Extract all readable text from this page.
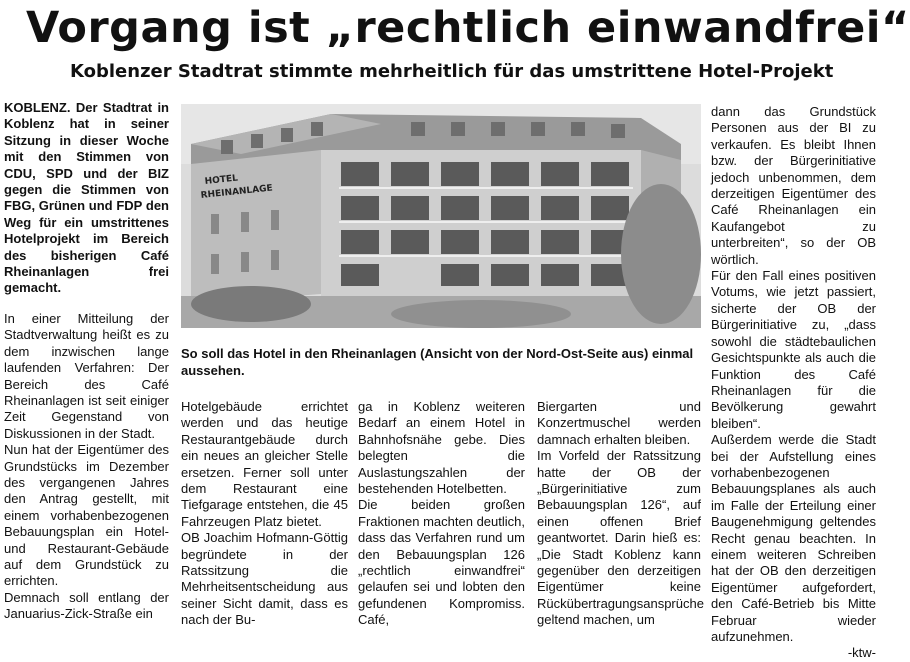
Vorgang ist „rechtlich einwandfrei“
Koblenzer Stadtrat stimmte mehrheitlich für das umstrittene Hotel-Projekt

KOBLENZ. Der Stadtrat in Koblenz hat in seiner Sitzung in dieser Woche mit den Stimmen von CDU, SPD und der BIZ gegen die Stimmen von FBG, Grünen und FDP den Weg für ein umstrittenes Hotelprojekt im Bereich des bisherigen Café Rheinanlagen frei gemacht.

In einer Mitteilung der Stadtverwaltung heißt es zu dem inzwischen lange laufenden Verfahren: Der Bereich des Café Rheinanlagen ist seit einiger Zeit Gegenstand von Diskussionen in der Stadt.

Nun hat der Eigentümer des Grundstücks im Dezember des vergangenen Jahres den Antrag gestellt, mit einem vorhabenbezogenen Bebauungsplan ein Hotel- und Restaurant-Gebäude auf dem Grundstück zu errichten.

Demnach soll entlang der Januarius-Zick-Straße ein

HOTEL
RHEINANLAGE
So soll das Hotel in den Rheinanlagen (Ansicht von der Nord-Ost-Seite aus) einmal aussehen.

Hotelgebäude errichtet werden und das heutige Restaurantgebäude durch ein neues an gleicher Stelle ersetzen. Ferner soll unter dem Restaurant eine Tiefgarage entstehen, die 45 Fahrzeugen Platz bietet.

OB Joachim Hofmann-Göttig begründete in der Ratssitzung die Mehrheitsentscheidung aus seiner Sicht damit, dass es nach der Bu-

ga in Koblenz weiteren Bedarf an einem Hotel in Bahnhofsnähe gebe. Dies belegten die Auslastungszahlen der bestehenden Hotelbetten.

Die beiden großen Fraktionen machten deutlich, dass das Verfahren rund um den Bebauungsplan 126 „rechtlich einwandfrei“ gelaufen sei und lobten den gefundenen Kompromiss. Café,

Biergarten und Konzertmuschel werden damnach erhalten bleiben.

Im Vorfeld der Ratssitzung hatte der OB der „Bürgerinitiative zum Bebauungsplan 126“, auf einen offenen Brief geantwortet. Darin hieß es: „Die Stadt Koblenz kann gegenüber den derzeitigen Eigentümer keine Rückübertragungsansprüche geltend machen, um

dann das Grundstück Personen aus der BI zu verkaufen. Es bleibt Ihnen bzw. der Bürgerinitiative jedoch unbenommen, dem derzeitigen Eigentümer des Café Rheinanlagen ein Kaufangebot zu unterbreiten“, so der OB wörtlich.

Für den Fall eines positiven Votums, wie jetzt passiert, sicherte der OB der Bürgerinitiative zu, „dass sowohl die städtebaulichen Gesichtspunkte als auch die Funktion des Café Rheinanlagen für die Bevölkerung gewahrt bleiben“.

Außerdem werde die Stadt bei der Aufstellung eines vorhabenbezogenen Bebauungsplanes als auch im Falle der Erteilung einer Baugenehmigung geltendes Recht genau beachten. In einem weiteren Schreiben hat der OB den derzeitigen Eigentümer aufgefordert, den Café-Betrieb bis Mitte Februar wieder aufzunehmen.

-ktw-
